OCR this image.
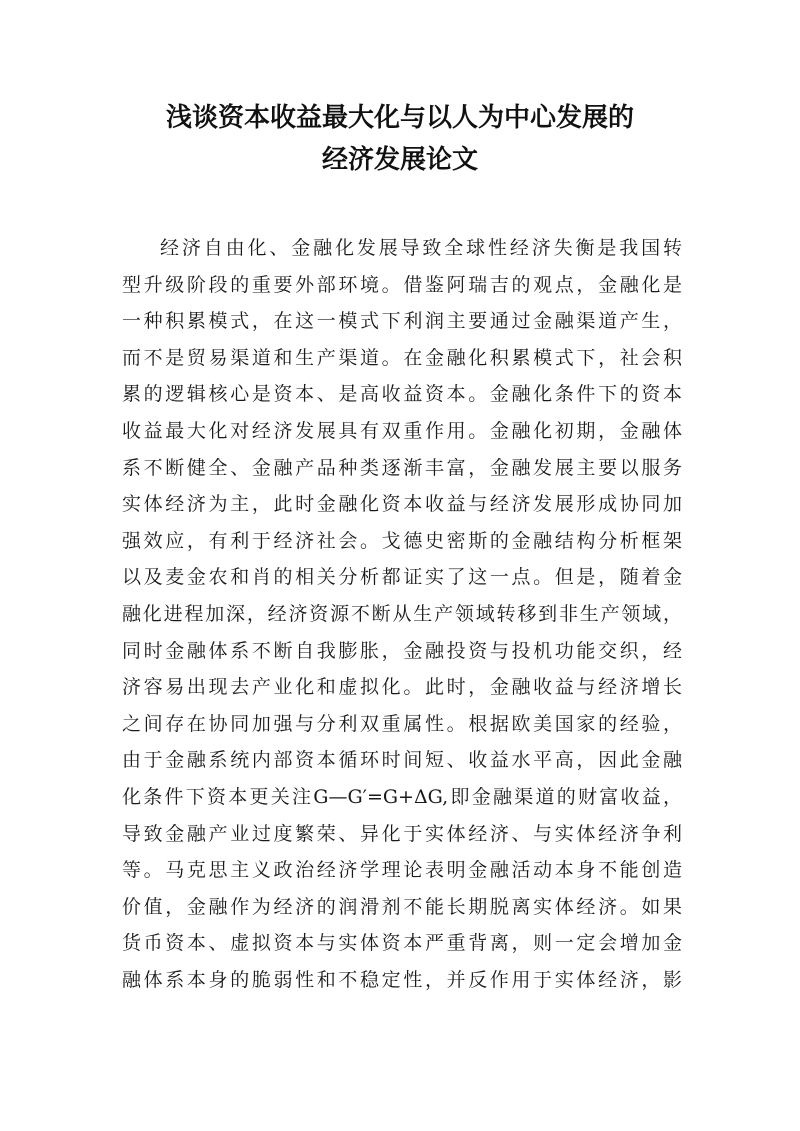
浅谈资本收益最大化与以人为中心发展的
经济发展论文
经济自由化、金融化发展导致全球性经济失衡是我国转
型升级阶段的重要外部环境。借鉴阿瑞吉的观点，金融化是
一种积累模式，在这一模式下利润主要通过金融渠道产生，
而不是贸易渠道和生产渠道。在金融化积累模式下，社会积
累的逻辑核心是资本、是高收益资本。金融化条件下的资本
收益最大化对经济发展具有双重作用。金融化初期，金融体
系不断健全、金融产品种类逐渐丰富，金融发展主要以服务
实体经济为主，此时金融化资本收益与经济发展形成协同加
强效应，有利于经济社会。戈德史密斯的金融结构分析框架
以及麦金农和肖的相关分析都证实了这一点。但是，随着金
融化进程加深，经济资源不断从生产领域转移到非生产领域，
同时金融体系不断自我膨胀，金融投资与投机功能交织，经
济容易出现去产业化和虚拟化。此时，金融收益与经济增长
之间存在协同加强与分利双重属性。根据欧美国家的经验，
由于金融系统内部资本循环时间短、收益水平高，因此金融
化条件下资本更关注G—G′=G+ΔG,即金融渠道的财富收益，
导致金融产业过度繁荣、异化于实体经济、与实体经济争利
等。马克思主义政治经济学理论表明金融活动本身不能创造
价值，金融作为经济的润滑剂不能长期脱离实体经济。如果
货币资本、虚拟资本与实体资本严重背离，则一定会增加金
融体系本身的脆弱性和不稳定性，并反作用于实体经济，影
